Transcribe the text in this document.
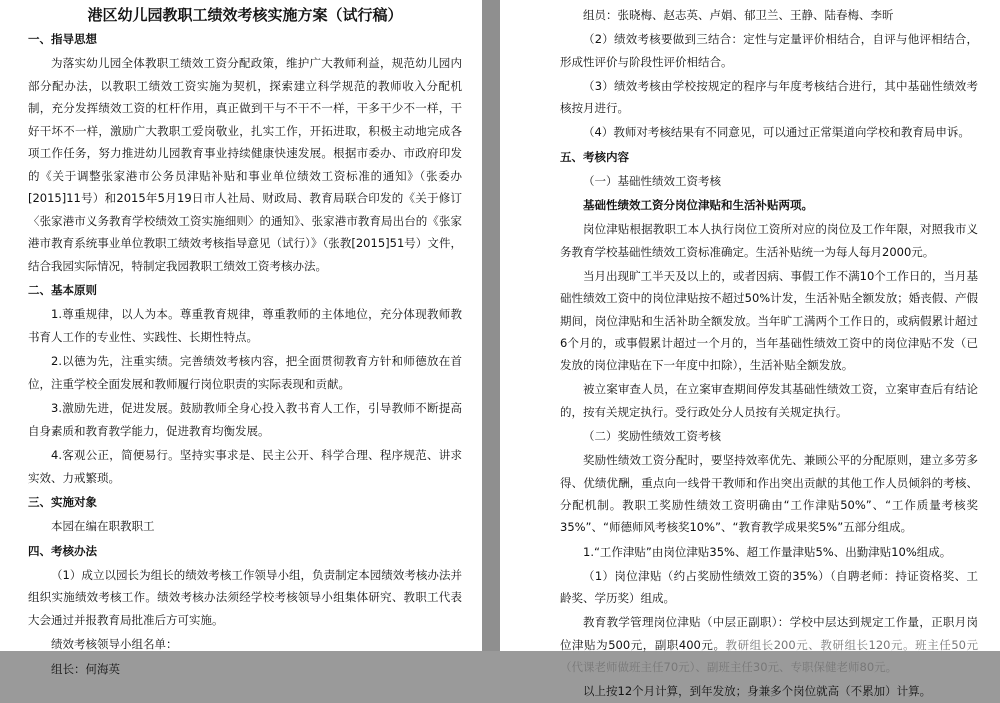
港区幼儿园教职工绩效考核实施方案（试行稿）
一、指导思想
为落实幼儿园全体教职工绩效工资分配政策，维护广大教师利益，规范幼儿园内部分配办法，以教职工绩效工资实施为契机，探索建立科学规范的教师收入分配机制，充分发挥绩效工资的杠杆作用，真正做到干与不干不一样，干多干少不一样，干好干坏不一样，激励广大教职工爱岗敬业，扎实工作，开拓进取，积极主动地完成各项工作任务，努力推进幼儿园教育事业持续健康快速发展。根据市委办、市政府印发的《关于调整张家港市公务员津贴补贴和事业单位绩效工资标准的通知》（张委办[2015]11号）和2015年5月19日市人社局、财政局、教育局联合印发的《关于修订〈张家港市义务教育学校绩效工资实施细则〉的通知》、张家港市教育局出台的《张家港市教育系统事业单位教职工绩效考核指导意见（试行）》（张教[2015]51号）文件，结合我园实际情况，特制定我园教职工绩效工资考核办法。
二、基本原则
1.尊重规律，以人为本。尊重教育规律，尊重教师的主体地位，充分体现教师教书育人工作的专业性、实践性、长期性特点。
2.以德为先，注重实绩。完善绩效考核内容，把全面贯彻教育方针和师德放在首位，注重学校全面发展和教师履行岗位职责的实际表现和贡献。
3.激励先进，促进发展。鼓励教师全身心投入教书育人工作，引导教师不断提高自身素质和教育教学能力，促进教育均衡发展。
4.客观公正，简便易行。坚持实事求是、民主公开、科学合理、程序规范、讲求实效、力戒繁琐。
三、实施对象
本园在编在职教职工
四、考核办法
（1）成立以园长为组长的绩效考核工作领导小组，负责制定本园绩效考核办法并组织实施绩效考核工作。绩效考核办法须经学校考核领导小组集体研究、教职工代表大会通过并报教育局批准后方可实施。
绩效考核领导小组名单：
组长：何海英
组员：张晓梅、赵志英、卢娟、郁卫兰、王静、陆春梅、李昕
（2）绩效考核要做到三结合：定性与定量评价相结合，自评与他评相结合，形成性评价与阶段性评价相结合。
（3）绩效考核由学校按规定的程序与年度考核结合进行，其中基础性绩效考核按月进行。
（4）教师对考核结果有不同意见，可以通过正常渠道向学校和教育局申诉。
五、考核内容
（一）基础性绩效工资考核
基础性绩效工资分岗位津贴和生活补贴两项。
岗位津贴根据教职工本人执行岗位工资所对应的岗位及工作年限，对照我市义务教育学校基础性绩效工资标准确定。生活补贴统一为每人每月2000元。
当月出现旷工半天及以上的，或者因病、事假工作不满10个工作日的，当月基础性绩效工资中的岗位津贴按不超过50%计发，生活补贴全额发放；婚丧假、产假期间，岗位津贴和生活补助全额发放。当年旷工满两个工作日的，或病假累计超过6个月的，或事假累计超过一个月的，当年基础性绩效工资中的岗位津贴不发（已发放的岗位津贴在下一年度中扣除），生活补贴全额发放。
被立案审查人员，在立案审查期间停发其基础性绩效工资，立案审查后有结论的，按有关规定执行。受行政处分人员按有关规定执行。
（二）奖励性绩效工资考核
奖励性绩效工资分配时，要坚持效率优先、兼顾公平的分配原则，建立多劳多得、优绩优酬，重点向一线骨干教师和作出突出贡献的其他工作人员倾斜的考核、分配机制。教职工奖励性绩效工资明确由“工作津贴50%”、“工作质量考核奖35%”、“师德师风考核奖10%”、“教育教学成果奖5%”五部分组成。
1.“工作津贴”由岗位津贴35%、超工作量津贴5%、出勤津贴10%组成。
（1）岗位津贴（约占奖励性绩效工资的35%）（自聘老师：持证资格奖、工龄奖、学历奖）组成。
教育教学管理岗位津贴（中层正副职）：学校中层达到规定工作量，正职月岗位津贴为500元，副职400元。教研组长200元、教研组长120元。班主任50元（代课老师做班主任70元）、副班主任30元、专职保健老师80元。
以上按12个月计算，到年发放；身兼多个岗位就高（不累加）计算。
